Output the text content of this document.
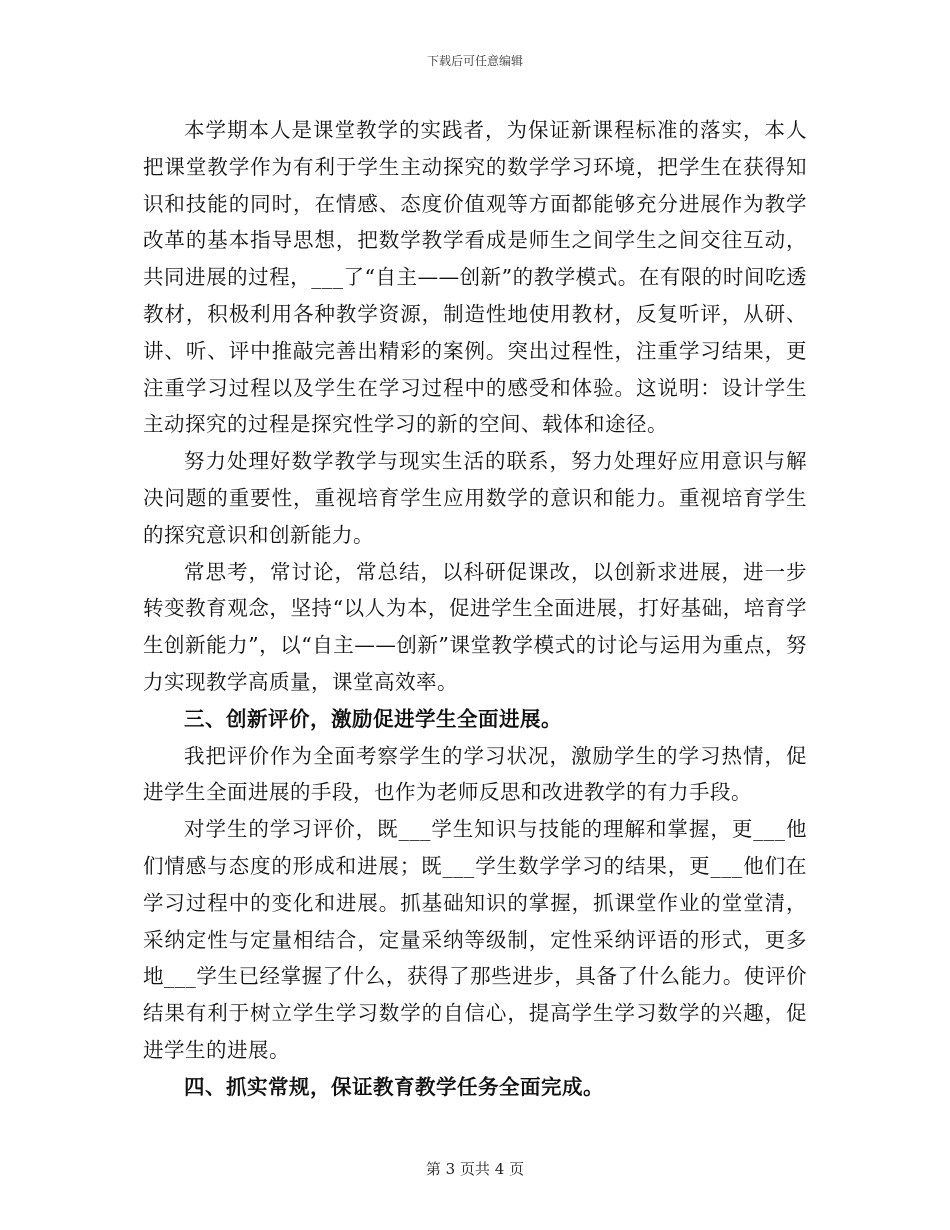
下载后可任意编辑

本学期本人是课堂教学的实践者，为保证新课程标准的落实，本人把课堂教学作为有利于学生主动探究的数学学习环境，把学生在获得知识和技能的同时，在情感、态度价值观等方面都能够充分进展作为教学改革的基本指导思想，把数学教学看成是师生之间学生之间交往互动，共同进展的过程，___了“自主——创新”的教学模式。在有限的时间吃透教材，积极利用各种教学资源，制造性地使用教材，反复听评，从研、讲、听、评中推敲完善出精彩的案例。突出过程性，注重学习结果，更注重学习过程以及学生在学习过程中的感受和体验。这说明：设计学生主动探究的过程是探究性学习的新的空间、载体和途径。

努力处理好数学教学与现实生活的联系，努力处理好应用意识与解决问题的重要性，重视培育学生应用数学的意识和能力。重视培育学生的探究意识和创新能力。

常思考，常讨论，常总结，以科研促课改，以创新求进展，进一步转变教育观念，坚持“以人为本，促进学生全面进展，打好基础，培育学生创新能力”，以“自主——创新”课堂教学模式的讨论与运用为重点，努力实现教学高质量，课堂高效率。

三、创新评价，激励促进学生全面进展。

我把评价作为全面考察学生的学习状况，激励学生的学习热情，促进学生全面进展的手段，也作为老师反思和改进教学的有力手段。

对学生的学习评价，既___学生知识与技能的理解和掌握，更___他们情感与态度的形成和进展；既___学生数学学习的结果，更___他们在学习过程中的变化和进展。抓基础知识的掌握，抓课堂作业的堂堂清，采纳定性与定量相结合，定量采纳等级制，定性采纳评语的形式，更多地___学生已经掌握了什么，获得了那些进步，具备了什么能力。使评价结果有利于树立学生学习数学的自信心，提高学生学习数学的兴趣，促进学生的进展。

四、抓实常规，保证教育教学任务全面完成。

第 3 页共 4 页
